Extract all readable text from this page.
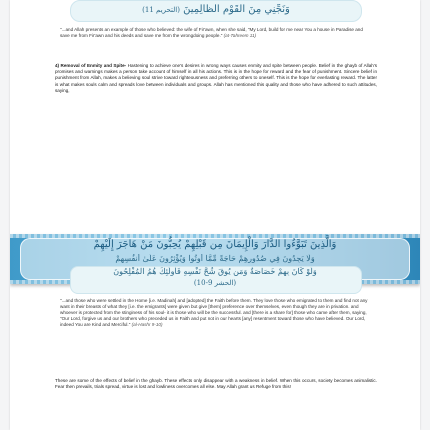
وَنَجِّنِي مِنَ الْقَوْمِ الظَّالِمِينَ (التحريم 11)
"...and Allah presents an example of those who believed: the wife of Fir'awn, when she said, "My Lord, build for me near You a house in Paradise and save me from Fir'awn and his deeds and save me from the wrongdoing people." (at-Tahreem 11)
4) Removal of Enmity and Spite- Hastening to achieve one's desires in wrong ways causes enmity and spite between people. Belief in the ghayb of Allah's promises and warnings makes a person take account of himself in all his actions. This is in the hope for reward and the fear of punishment. Sincere belief in punishment from Allah, makes a believing soul strive toward righteousness and preferring others to oneself. This is the hope for everlasting reward. The latter is what makes souls calm and spreads love between individuals and groups. Allah has mentioned this quality and those who have adhered to such attitudes, saying,
وَالَّذِينَ تَبَوَّءُوا الدَّارَ وَالْإِيمَانَ مِن قَبْلِهِمْ يُحِبُّونَ مَنْ هَاجَرَ إِلَيْهِمْ
وَلَا يَجِدُونَ فِي صُدُورِهِمْ حَاجَةً مِّمَّا أُوتُوا وَيُؤْثِرُونَ عَلَىٰ أَنفُسِهِمْ
وَلَوْ كَانَ بِهِمْ خَصَاصَةٌ وَمَن يُوقَ شُحَّ نَفْسِهِ فَأُولَٰئِكَ هُمُ الْمُفْلِحُونَ
(الحشر 9-10)
"...and those who were settled in the Home [i.e. Madinah] and [adopted] the Faith before them. They love those who emigrated to them and find not any want in their breasts of what they [i.e. the emigrants] were given but give [them] preference over themselves, even though they are in privation. and whoever is protected from the stinginess of his soul- it is those who will be the successful. and [there is a share for] those who came after them, saying, "Our Lord, forgive us and our brothers who preceded us in Faith and put not in our hearts [any] resentment toward those who have believed. Our Lord, indeed You are Kind and Merciful." (al-Hashr 9-10)
These are some of the effects of belief in the ghayb. These effects only disappear with a weakness in belief. When this occurs, society becomes animalistic. Fear then prevails, trials spread, virtue is lost and lowliness overcomes all else. May Allah grant us Refuge from this!
